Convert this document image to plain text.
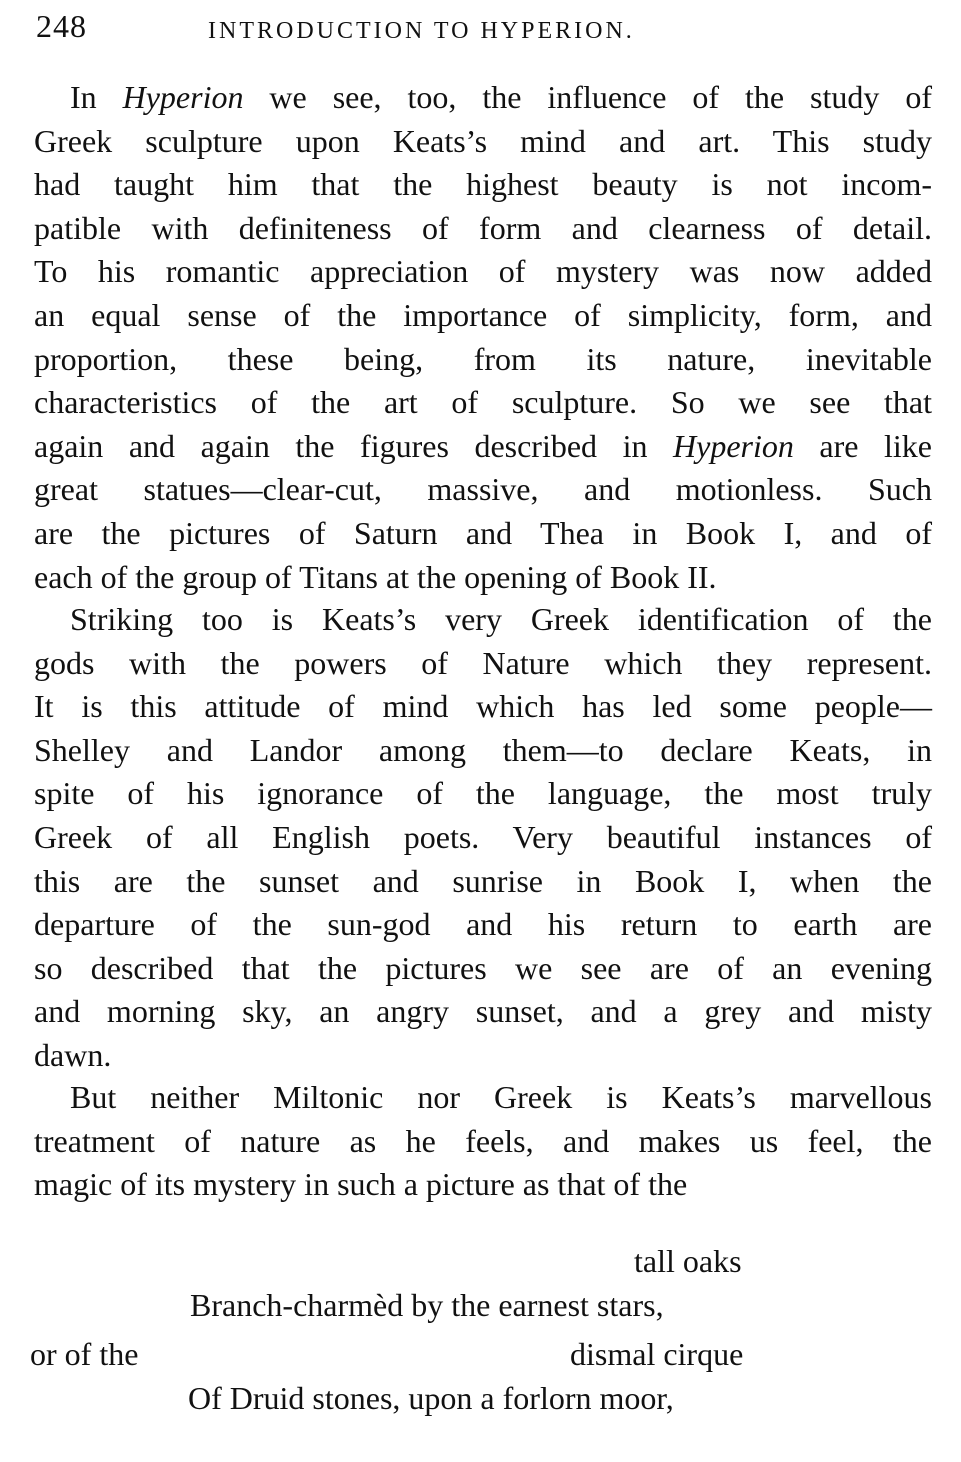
248	INTRODUCTION TO HYPERION.
In Hyperion we see, too, the influence of the study of
Greek sculpture upon Keats’s mind and art. This study
had taught him that the highest beauty is not incom-
patible with definiteness of form and clearness of detail.
To his romantic appreciation of mystery was now added
an equal sense of the importance of simplicity, form, and
proportion, these being, from its nature, inevitable
characteristics of the art of sculpture. So we see that
again and again the figures described in Hyperion are like
great statues—clear-cut, massive, and motionless. Such
are the pictures of Saturn and Thea in Book I, and of
each of the group of Titans at the opening of Book II.
Striking too is Keats’s very Greek identification of the
gods with the powers of Nature which they represent.
It is this attitude of mind which has led some people—
Shelley and Landor among them—to declare Keats, in
spite of his ignorance of the language, the most truly
Greek of all English poets. Very beautiful instances of
this are the sunset and sunrise in Book I, when the
departure of the sun-god and his return to earth are
so described that the pictures we see are of an evening
and morning sky, an angry sunset, and a grey and misty
dawn.
But neither Miltonic nor Greek is Keats’s marvellous
treatment of nature as he feels, and makes us feel, the
magic of its mystery in such a picture as that of the
tall oaks
Branch-charmèd by the earnest stars,
or of the	dismal cirque
Of Druid stones, upon a forlorn moor,
